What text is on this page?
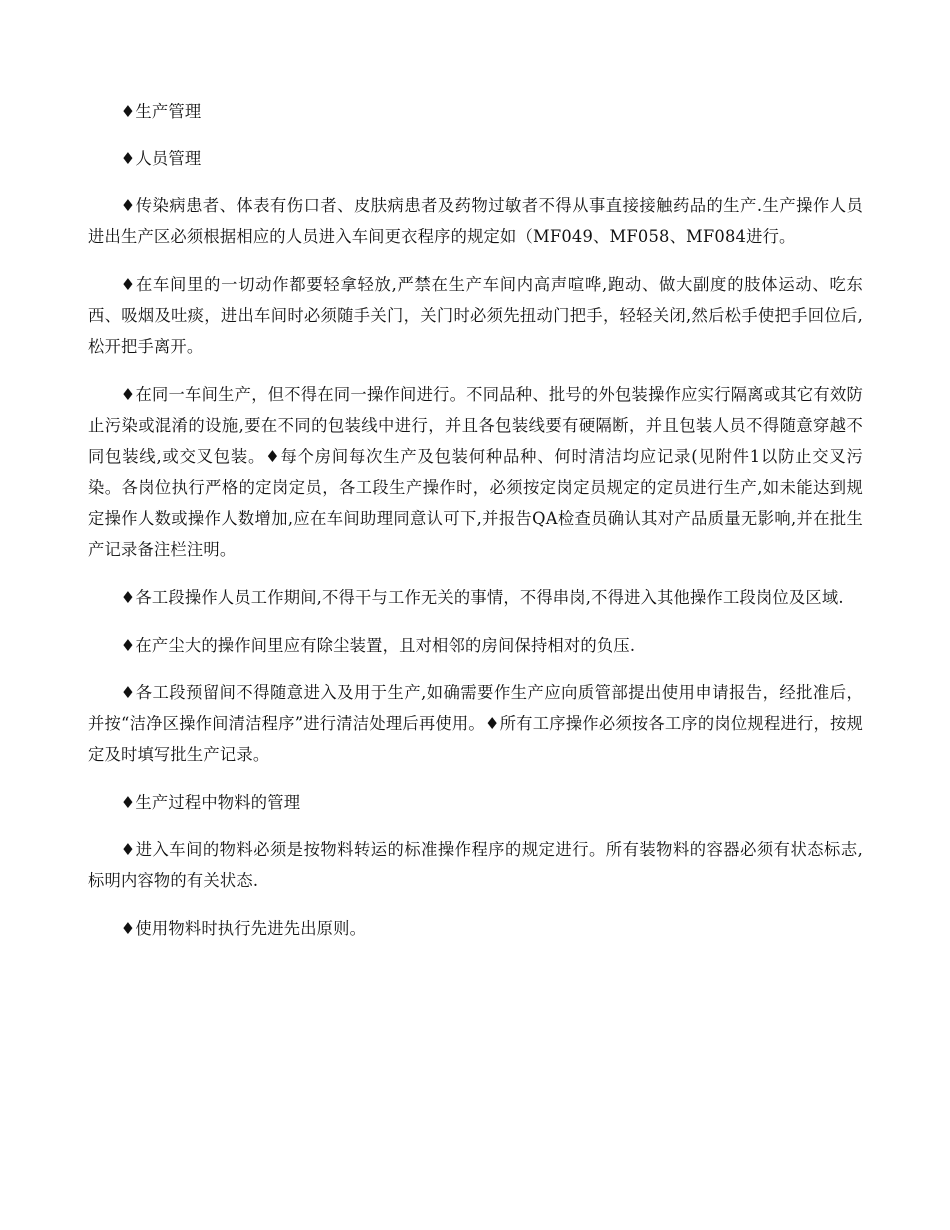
♦生产管理

♦人员管理

♦传染病患者、体表有伤口者、皮肤病患者及药物过敏者不得从事直接接触药品的生产.生产操作人员进出生产区必须根据相应的人员进入车间更衣程序的规定如（MF049、MF058、MF084进行。

♦在车间里的一切动作都要轻拿轻放,严禁在生产车间内高声喧哗,跑动、做大副度的肢体运动、吃东西、吸烟及吐痰，进出车间时必须随手关门，关门时必须先扭动门把手，轻轻关闭,然后松手使把手回位后,松开把手离开。

♦在同一车间生产，但不得在同一操作间进行。不同品种、批号的外包装操作应实行隔离或其它有效防止污染或混淆的设施,要在不同的包装线中进行，并且各包装线要有硬隔断，并且包装人员不得随意穿越不同包装线,或交叉包装。♦每个房间每次生产及包装何种品种、何时清洁均应记录(见附件1以防止交叉污染。各岗位执行严格的定岗定员，各工段生产操作时，必须按定岗定员规定的定员进行生产,如未能达到规定操作人数或操作人数增加,应在车间助理同意认可下,并报告QA检查员确认其对产品质量无影响,并在批生产记录备注栏注明。

♦各工段操作人员工作期间,不得干与工作无关的事情，不得串岗,不得进入其他操作工段岗位及区域.

♦在产尘大的操作间里应有除尘装置，且对相邻的房间保持相对的负压.

♦各工段预留间不得随意进入及用于生产,如确需要作生产应向质管部提出使用申请报告，经批准后，并按“洁净区操作间清洁程序”进行清洁处理后再使用。♦所有工序操作必须按各工序的岗位规程进行，按规定及时填写批生产记录。

♦生产过程中物料的管理

♦进入车间的物料必须是按物料转运的标准操作程序的规定进行。所有装物料的容器必须有状态标志,标明内容物的有关状态.

♦使用物料时执行先进先出原则。
